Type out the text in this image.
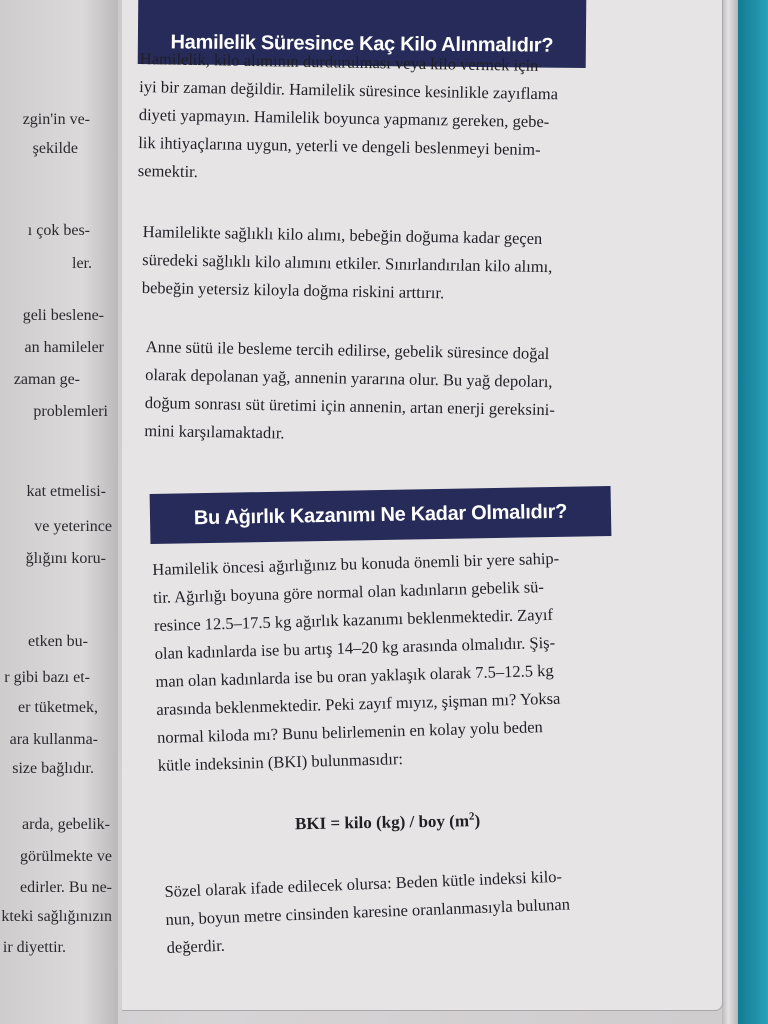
zgin'in ve-
şekilde
ı çok bes-
ler.
geli beslene-
an hamileler
zaman ge-
problemleri
kat etmelisi-
ve yeterince
ğlığını koru-
etken bu-
r gibi bazı et-
er tüketmek,
ara kullanma-
size bağlıdır.
arda, gebelik-
görülmekte ve
edirler. Bu ne-
kteki sağlığınızın
ir diyettir.
Hamilelik Süresince Kaç Kilo Alınmalıdır?
Hamilelik, kilo alımının durdurulması veya kilo vermek için
iyi bir zaman değildir. Hamilelik süresince kesinlikle zayıflama
diyeti yapmayın. Hamilelik boyunca yapmanız gereken, gebe-
lik ihtiyaçlarına uygun, yeterli ve dengeli beslenmeyi benim-
semektir.
Hamilelikte sağlıklı kilo alımı, bebeğin doğuma kadar geçen
süredeki sağlıklı kilo alımını etkiler. Sınırlandırılan kilo alımı,
bebeğin yetersiz kiloyla doğma riskini arttırır.
Anne sütü ile besleme tercih edilirse, gebelik süresince doğal
olarak depolanan yağ, annenin yararına olur. Bu yağ depoları,
doğum sonrası süt üretimi için annenin, artan enerji gereksini-
mini karşılamaktadır.
Bu Ağırlık Kazanımı Ne Kadar Olmalıdır?
Hamilelik öncesi ağırlığınız bu konuda önemli bir yere sahip-
tir. Ağırlığı boyuna göre normal olan kadınların gebelik sü-
resince 12.5–17.5 kg ağırlık kazanımı beklenmektedir. Zayıf
olan kadınlarda ise bu artış 14–20 kg arasında olmalıdır. Şiş-
man olan kadınlarda ise bu oran yaklaşık olarak 7.5–12.5 kg
arasında beklenmektedir. Peki zayıf mıyız, şişman mı? Yoksa
normal kiloda mı? Bunu belirlemenin en kolay yolu beden
kütle indeksinin (BKI) bulunmasıdır:
BKI = kilo (kg) / boy $(m^2)$
Sözel olarak ifade edilecek olursa: Beden kütle indeksi kilo-
nun, boyun metre cinsinden karesine oranlanmasıyla bulunan
değerdir.
